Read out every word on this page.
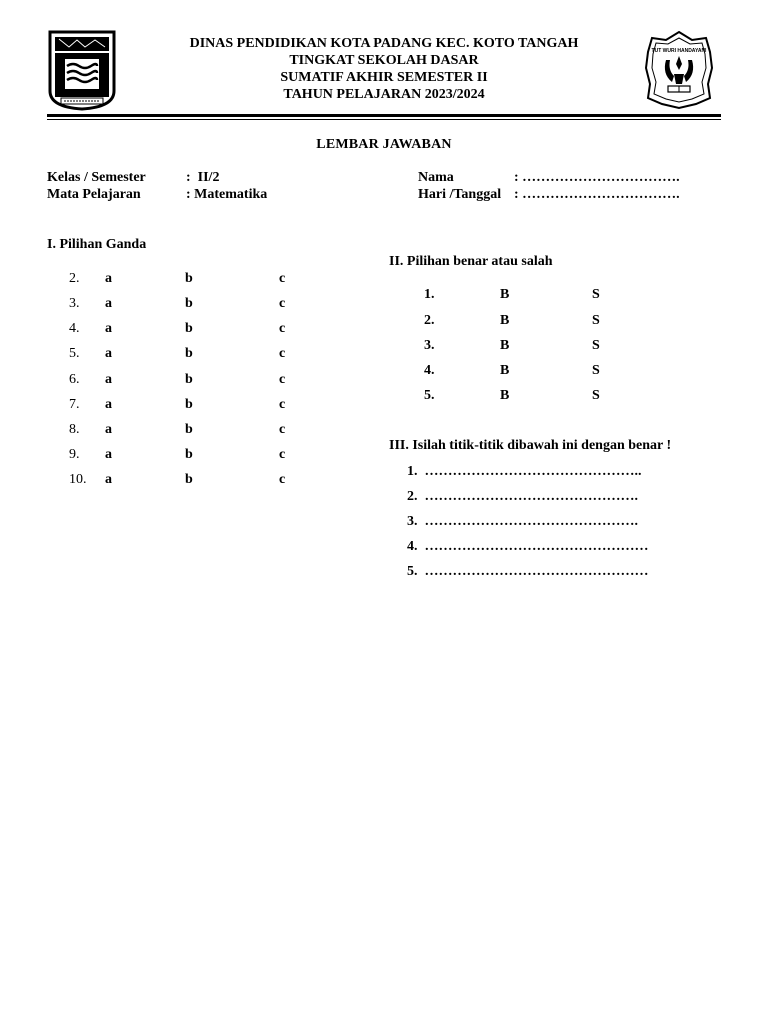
TUT WURI HANDAYANI
DINAS PENDIDIKAN KOTA PADANG KEC. KOTO TANGAH
TINGKAT SEKOLAH DASAR
SUMATIF AKHIR SEMESTER II
TAHUN PELAJARAN 2023/2024
LEMBAR JAWABAN
Kelas / Semester	:  II/2
Mata Pelajaran	: Matematika
Nama	: …………………………….
Hari /Tanggal : …………………………….
I. Pilihan Ganda
2. a	b	c
3. a	b	c
4. a	b	c
5. a	b	c
6. a	b	c
7. a	b	c
8. a	b	c
9. a	b	c
10. a	b	c
II. Pilihan benar atau salah
1.	B	S
2.	B	S
3.	B	S
4.	B	S
5.	B	S
III. Isilah titik-titik dibawah ini dengan benar !
1.  ………………………………………..
2.  ……………………………………….
3.  ……………………………………….
4.  …………………………………………
5.  …………………………………………
